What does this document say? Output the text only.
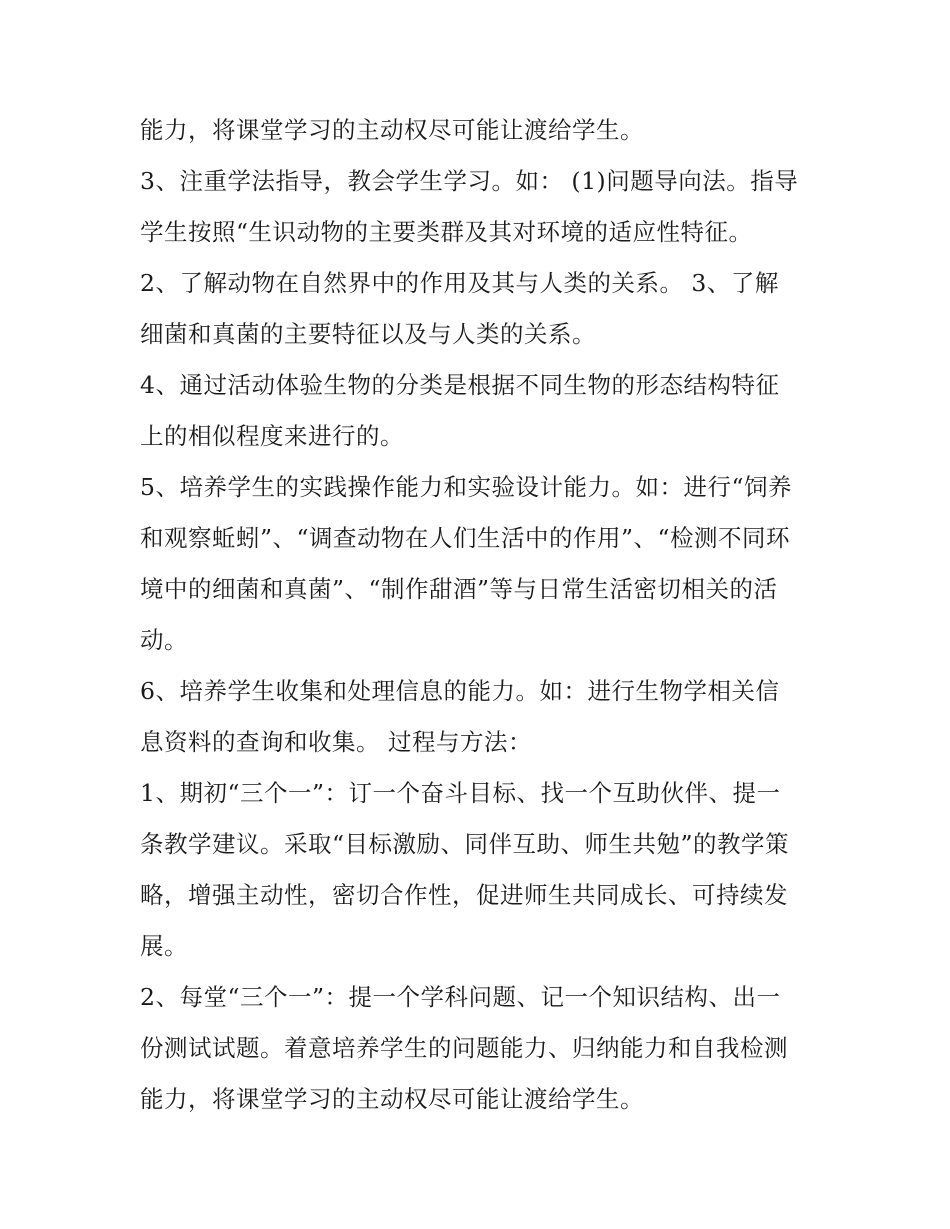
能力，将课堂学习的主动权尽可能让渡给学生。
3、注重学法指导，教会学生学习。如： (1)问题导向法。指导
学生按照“生识动物的主要类群及其对环境的适应性特征。
2、了解动物在自然界中的作用及其与人类的关系。 3、了解
细菌和真菌的主要特征以及与人类的关系。
4、通过活动体验生物的分类是根据不同生物的形态结构特征
上的相似程度来进行的。
5、培养学生的实践操作能力和实验设计能力。如：进行“饲养
和观察蚯蚓”、“调查动物在人们生活中的作用”、“检测不同环
境中的细菌和真菌”、“制作甜酒”等与日常生活密切相关的活
动。
6、培养学生收集和处理信息的能力。如：进行生物学相关信
息资料的查询和收集。 过程与方法：
1、期初“三个一”：订一个奋斗目标、找一个互助伙伴、提一
条教学建议。采取“目标激励、同伴互助、师生共勉”的教学策
略，增强主动性，密切合作性，促进师生共同成长、可持续发
展。
2、每堂“三个一”：提一个学科问题、记一个知识结构、出一
份测试试题。着意培养学生的问题能力、归纳能力和自我检测
能力，将课堂学习的主动权尽可能让渡给学生。
